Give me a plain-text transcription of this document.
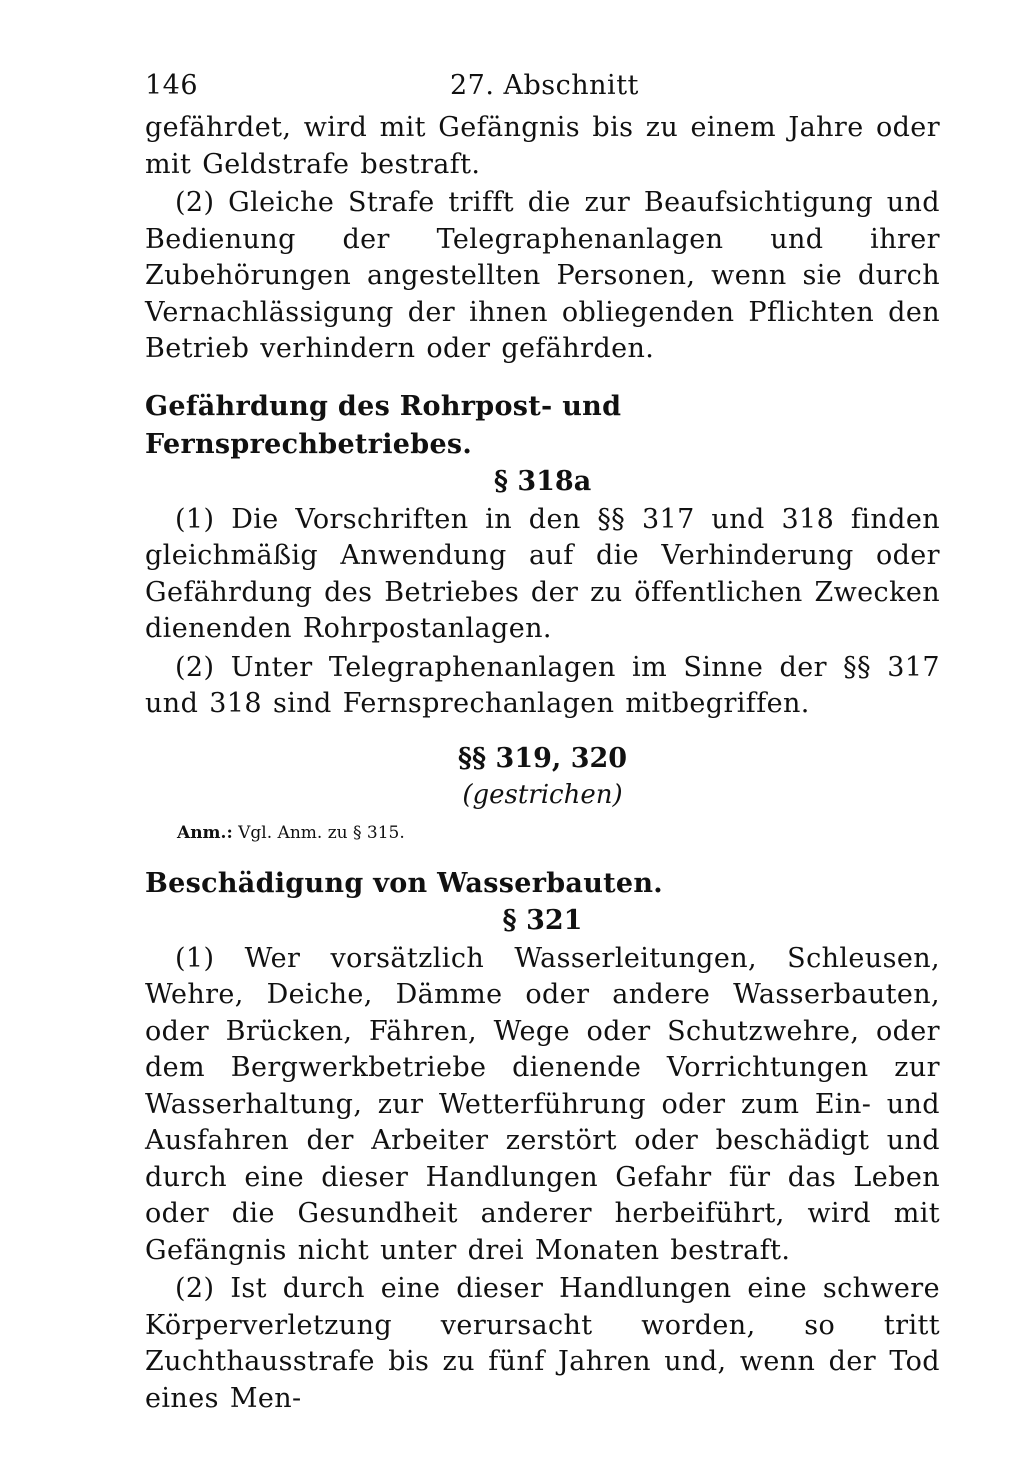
146	27. Abschnitt

gefährdet, wird mit Gefängnis bis zu einem Jahre oder mit Geldstrafe bestraft.

(2) Gleiche Strafe trifft die zur Beaufsichtigung und Bedienung der Telegraphenanlagen und ihrer Zubehörungen angestellten Personen, wenn sie durch Vernachlässigung der ihnen obliegenden Pflichten den Betrieb verhindern oder gefährden.

Gefährdung des Rohrpost- und Fernsprechbetriebes.

§ 318a

(1) Die Vorschriften in den §§ 317 und 318 finden gleichmäßig Anwendung auf die Verhinderung oder Gefährdung des Betriebes der zu öffentlichen Zwecken dienenden Rohrpostanlagen.

(2) Unter Telegraphenanlagen im Sinne der §§ 317 und 318 sind Fernsprechanlagen mitbegriffen.

§§ 319, 320

(gestrichen)

Anm.: Vgl. Anm. zu § 315.
Beschädigung von Wasserbauten.

§ 321

(1) Wer vorsätzlich Wasserleitungen, Schleusen, Wehre, Deiche, Dämme oder andere Wasserbauten, oder Brücken, Fähren, Wege oder Schutzwehre, oder dem Bergwerkbetriebe dienende Vorrichtungen zur Wasserhaltung, zur Wetterführung oder zum Ein- und Ausfahren der Arbeiter zerstört oder beschädigt und durch eine dieser Handlungen Gefahr für das Leben oder die Gesundheit anderer herbeiführt, wird mit Gefängnis nicht unter drei Monaten bestraft.

(2) Ist durch eine dieser Handlungen eine schwere Körperverletzung verursacht worden, so tritt Zuchthausstrafe bis zu fünf Jahren und, wenn der Tod eines Men-
